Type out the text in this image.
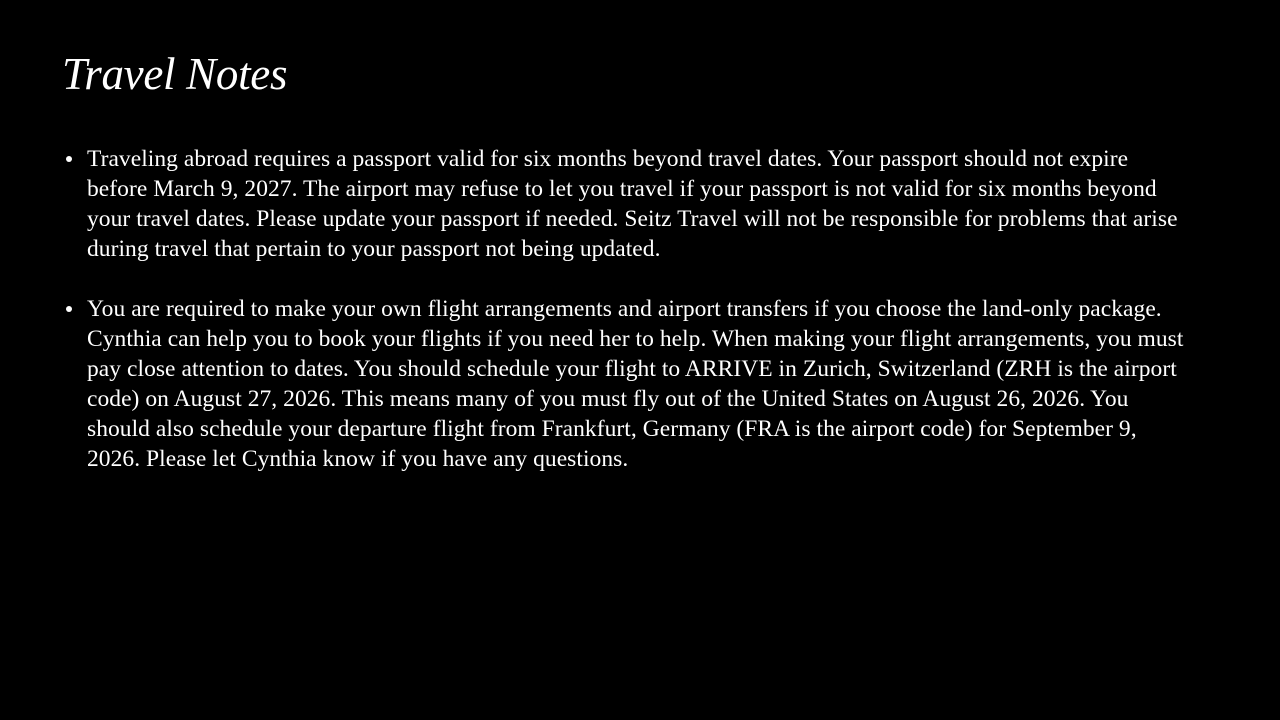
Travel Notes
Traveling abroad requires a passport valid for six months beyond travel dates. Your passport should not expire before March 9, 2027. The airport may refuse to let you travel if your passport is not valid for six months beyond your travel dates. Please update your passport if needed. Seitz Travel will not be responsible for problems that arise during travel that pertain to your passport not being updated.
You are required to make your own flight arrangements and airport transfers if you choose the land-only package. Cynthia can help you to book your flights if you need her to help. When making your flight arrangements, you must pay close attention to dates. You should schedule your flight to ARRIVE in Zurich, Switzerland (ZRH is the airport code) on August 27, 2026. This means many of you must fly out of the United States on August 26, 2026. You should also schedule your departure flight from Frankfurt, Germany (FRA is the airport code) for September 9, 2026. Please let Cynthia know if you have any questions.
